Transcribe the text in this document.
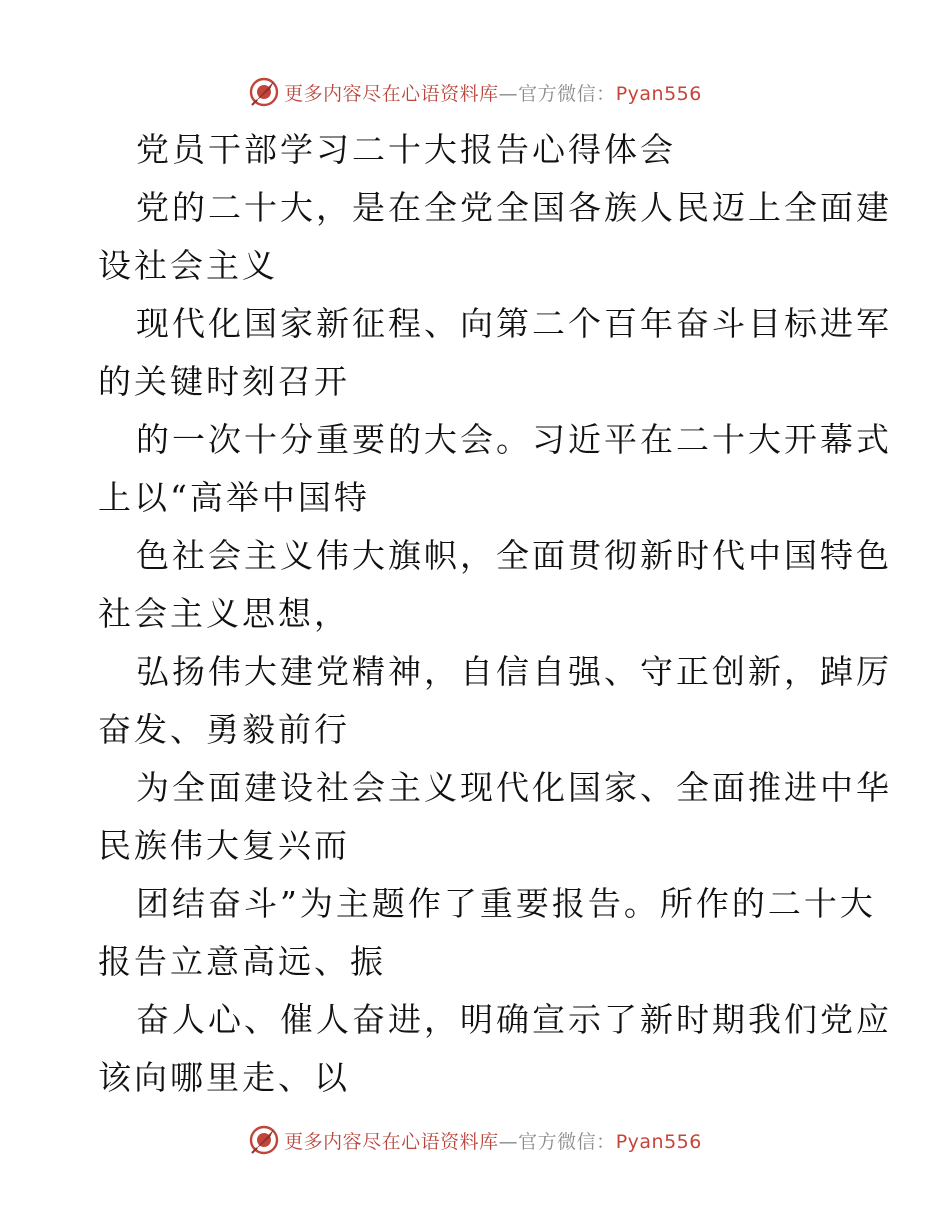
更多内容尽在心语资料库—官方微信：Pyan556
党员干部学习二十大报告心得体会
党的二十大，是在全党全国各族人民迈上全面建
设社会主义
现代化国家新征程、向第二个百年奋斗目标进军
的关键时刻召开
的一次十分重要的大会。习近平在二十大开幕式
上以“高举中国特
色社会主义伟大旗帜，全面贯彻新时代中国特色
社会主义思想，
弘扬伟大建党精神，自信自强、守正创新，踔厉
奋发、勇毅前行
为全面建设社会主义现代化国家、全面推进中华
民族伟大复兴而
团结奋斗”为主题作了重要报告。所作的二十大
报告立意高远、振
奋人心、催人奋进，明确宣示了新时期我们党应
该向哪里走、以
更多内容尽在心语资料库—官方微信：Pyan556
